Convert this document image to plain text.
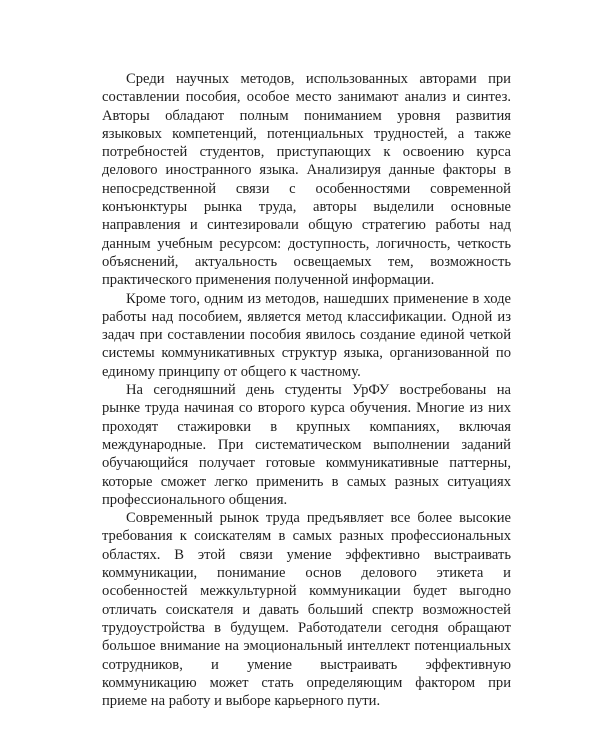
Среди научных методов, использованных авторами при составлении пособия, особое место занимают анализ и синтез. Авторы обладают полным пониманием уровня развития языковых компетенций, потенциальных трудностей, а также потребностей студентов, приступающих к освоению курса делового иностранного языка. Анализируя данные факторы в непосредственной связи с особенностями современной конъюнктуры рынка труда, авторы выделили основные направления и синтезировали общую стратегию работы над данным учебным ресурсом: доступность, логичность, четкость объяснений, актуальность освещаемых тем, возможность практического применения полученной информации.

Кроме того, одним из методов, нашедших применение в ходе работы над пособием, является метод классификации. Одной из задач при составлении пособия явилось создание единой четкой системы коммуникативных структур языка, организованной по единому принципу от общего к частному.

На сегодняшний день студенты УрФУ востребованы на рынке труда начиная со второго курса обучения. Многие из них проходят стажировки в крупных компаниях, включая международные. При систематическом выполнении заданий обучающийся получает готовые коммуникативные паттерны, которые сможет легко применить в самых разных ситуациях профессионального общения.

Современный рынок труда предъявляет все более высокие требования к соискателям в самых разных профессиональных областях. В этой связи умение эффективно выстраивать коммуникации, понимание основ делового этикета и особенностей межкультурной коммуникации будет выгодно отличать соискателя и давать больший спектр возможностей трудоустройства в будущем. Работодатели сегодня обращают большое внимание на эмоциональный интеллект потенциальных сотрудников, и умение выстраивать эффективную коммуникацию может стать определяющим фактором при приеме на работу и выборе карьерного пути.
